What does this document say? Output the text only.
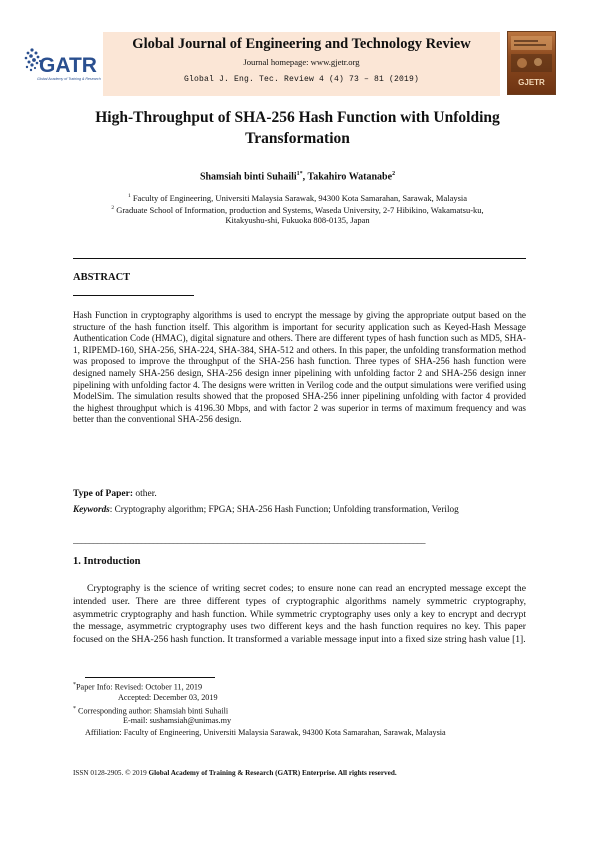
GATR
Global Academy of Training & Research
Global Journal of Engineering and Technology Review
Journal homepage: www.gjetr.org
Global J. Eng. Tec. Review 4 (4) 73 – 81 (2019)	GJETR
High-Throughput of SHA-256 Hash Function with Unfolding
Transformation
Shamsiah binti Suhaili$^{1*}$, Takahiro Watanabe$^2$
$^1$ Faculty of Engineering, Universiti Malaysia Sarawak, 94300 Kota Samarahan, Sarawak, Malaysia
$^2$ Graduate School of Information, production and Systems, Waseda University, 2-7 Hibikino, Wakamatsu-ku,
Kitakyushu-shi, Fukuoka 808-0135, Japan
ABSTRACT
Hash Function in cryptography algorithms is used to encrypt the message by giving the appropriate output based on the structure of the hash function itself. This algorithm is important for security application such as Keyed-Hash Message Authentication Code (HMAC), digital signature and others. There are different types of hash function such as MD5, SHA-1, RIPEMD-160, SHA-256, SHA-224, SHA-384, SHA-512 and others. In this paper, the unfolding transformation method was proposed to improve the throughput of the SHA-256 hash function. Three types of SHA-256 hash function were designed namely SHA-256 design, SHA-256 design inner pipelining with unfolding factor 2 and SHA-256 design inner pipelining with unfolding factor 4. The designs were written in Verilog code and the output simulations were verified using ModelSim. The simulation results showed that the proposed SHA-256 inner pipelining unfolding with factor 4 provided the highest throughput which is 4196.30 Mbps, and with factor 2 was superior in terms of maximum frequency and was better than the conventional SHA-256 design.
Type of Paper: other.
Keywords: Cryptography algorithm; FPGA; SHA-256 Hash Function; Unfolding transformation, Verilog
________________________________________________________________________________________
1. Introduction
Cryptography is the science of writing secret codes; to ensure none can read an encrypted message except the intended user. There are three different types of cryptographic algorithms namely symmetric cryptography, asymmetric cryptography and hash function. While symmetric cryptography uses only a key to encrypt and decrypt the message, asymmetric cryptography uses two different keys and the hash function requires no key. This paper focused on the SHA-256 hash function. It transformed a variable message input into a fixed size string hash value [1].
*Paper Info: Revised: October 11, 2019
Accepted: December 03, 2019
* Corresponding author: Shamsiah binti Suhaili
E-mail: sushamsiah@unimas.my
Affiliation: Faculty of Engineering, Universiti Malaysia Sarawak, 94300 Kota Samarahan, Sarawak, Malaysia
ISSN 0128-2905. © 2019 Global Academy of Training & Research (GATR) Enterprise. All rights reserved.
